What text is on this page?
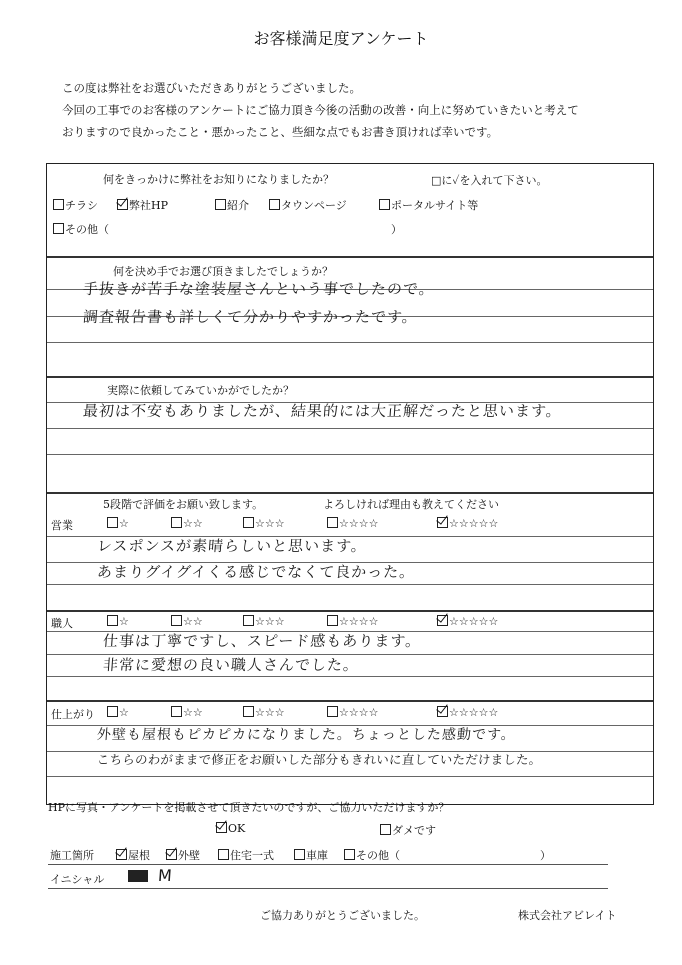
お客様満足度アンケート
この度は弊社をお選びいただきありがとうございました。
今回の工事でのお客様のアンケートにご協力頂き今後の活動の改善・向上に努めていきたいと考えて
おりますので良かったこと・悪かったこと、些細な点でもお書き頂ければ幸いです。
何をきっかけに弊社をお知りになりましたか？	□に✓を入れて下さい。
チラシ	弊社HP	紹介	タウンページ	ポータルサイト等
その他（	）
何を決め手でお選び頂きましたでしょうか？
手抜きが苦手な塗装屋さんという事でしたので。
調査報告書も詳しくて分かりやすかったです。
実際に依頼してみていかがでしたか？
最初は不安もありましたが、結果的には大正解だったと思います。
5段階で評価をお願い致します。	よろしければ理由も教えてください
営業	☆	☆☆	☆☆☆	☆☆☆☆	☆☆☆☆☆
レスポンスが素晴らしいと思います。
あまりグイグイくる感じでなくて良かった。
職人	☆	☆☆	☆☆☆	☆☆☆☆	☆☆☆☆☆
仕事は丁寧ですし、スピード感もあります。
非常に愛想の良い職人さんでした。
仕上がり	☆	☆☆	☆☆☆	☆☆☆☆	☆☆☆☆☆
外壁も屋根もピカピカになりました。ちょっとした感動です。
こちらのわがままで修正をお願いした部分もきれいに直していただけました。
HPに写真・アンケートを掲載させて頂きたいのですが、ご協力いただけますか？
OK	ダメです
施工箇所	屋根	外壁	住宅一式	車庫	その他（	）
イニシャル	M
ご協力ありがとうございました。	株式会社アビレイト
